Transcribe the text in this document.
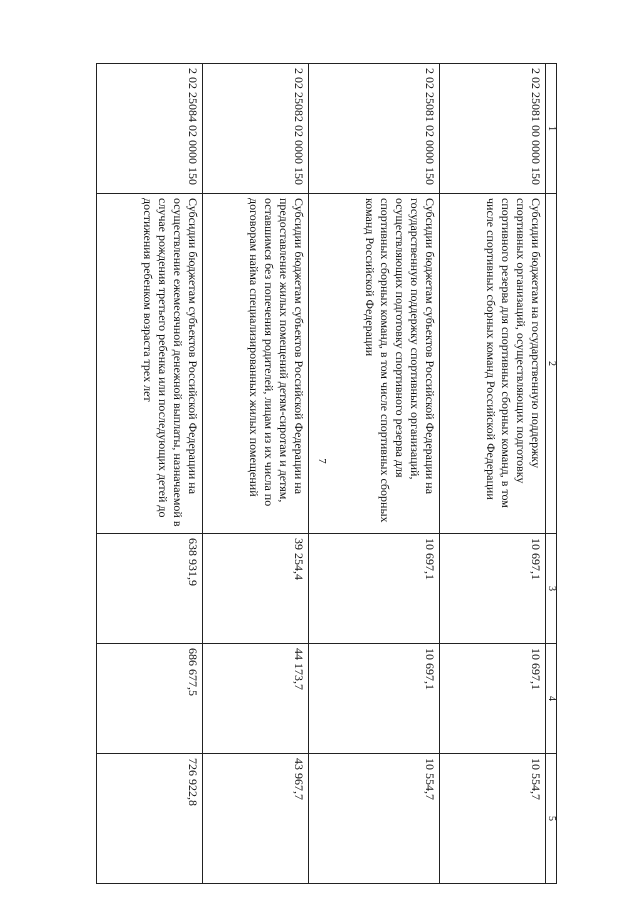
7
1	2	3	4	5
2 02 25081 00 0000 150	Субсидии бюджетам на государственную поддержку спортивных организаций, осуществляющих подготовку спортивного резерва для спортивных сборных команд, в том числе спортивных сборных команд Российской Федерации	10 697,1	10 697,1	10 554,7
2 02 25081 02 0000 150	Субсидии бюджетам субъектов Российской Федерации на государственную поддержку спортивных организаций, осуществляющих подготовку спортивного резерва для спортивных сборных команд, в том числе спортивных сборных команд Российской Федерации	10 697,1	10 697,1	10 554,7
2 02 25082 02 0000 150	Субсидии бюджетам субъектов Российской Федерации на предоставление жилых помещений детям-сиротам и детям, оставшимся без попечения родителей, лицам из их числа по договорам найма специализированных жилых помещений	39 254,4	44 173,7	43 967,7
2 02 25084 02 0000 150	Субсидии бюджетам субъектов Российской Федерации на осуществление ежемесячной денежной выплаты, назначаемой в случае рождения третьего ребенка или последующих детей до достижения ребенком возраста трех лет	638 931,9	686 677,5	726 922,8
